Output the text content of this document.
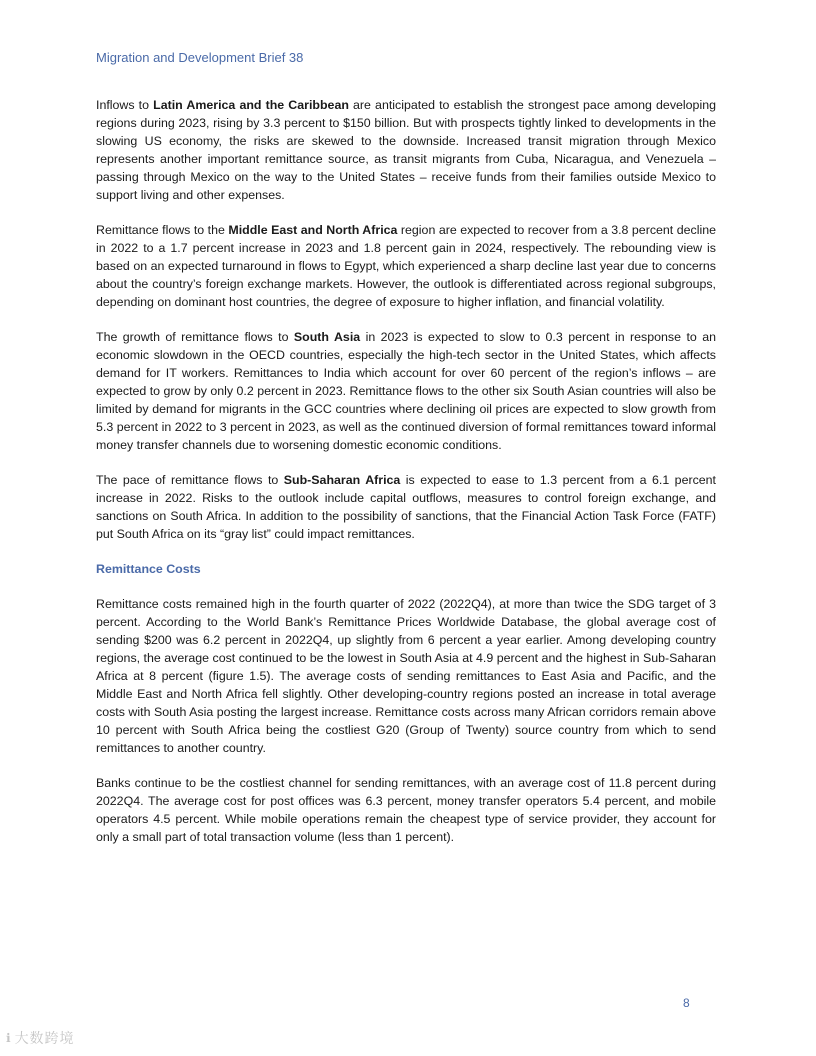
Migration and Development Brief 38

Inflows to Latin America and the Caribbean are anticipated to establish the strongest pace among developing regions during 2023, rising by 3.3 percent to $150 billion. But with prospects tightly linked to developments in the slowing US economy, the risks are skewed to the downside. Increased transit migration through Mexico represents another important remittance source, as transit migrants from Cuba, Nicaragua, and Venezuela – passing through Mexico on the way to the United States – receive funds from their families outside Mexico to support living and other expenses.

Remittance flows to the Middle East and North Africa region are expected to recover from a 3.8 percent decline in 2022 to a 1.7 percent increase in 2023 and 1.8 percent gain in 2024, respectively. The rebounding view is based on an expected turnaround in flows to Egypt, which experienced a sharp decline last year due to concerns about the country’s foreign exchange markets. However, the outlook is differentiated across regional subgroups, depending on dominant host countries, the degree of exposure to higher inflation, and financial volatility.

The growth of remittance flows to South Asia in 2023 is expected to slow to 0.3 percent in response to an economic slowdown in the OECD countries, especially the high-tech sector in the United States, which affects demand for IT workers. Remittances to India which account for over 60 percent of the region’s inflows – are expected to grow by only 0.2 percent in 2023. Remittance flows to the other six South Asian countries will also be limited by demand for migrants in the GCC countries where declining oil prices are expected to slow growth from 5.3 percent in 2022 to 3 percent in 2023, as well as the continued diversion of formal remittances toward informal money transfer channels due to worsening domestic economic conditions.

The pace of remittance flows to Sub-Saharan Africa is expected to ease to 1.3 percent from a 6.1 percent increase in 2022. Risks to the outlook include capital outflows, measures to control foreign exchange, and sanctions on South Africa. In addition to the possibility of sanctions, that the Financial Action Task Force (FATF) put South Africa on its “gray list” could impact remittances.

Remittance Costs

Remittance costs remained high in the fourth quarter of 2022 (2022Q4), at more than twice the SDG target of 3 percent. According to the World Bank’s Remittance Prices Worldwide Database, the global average cost of sending $200 was 6.2 percent in 2022Q4, up slightly from 6 percent a year earlier. Among developing country regions, the average cost continued to be the lowest in South Asia at 4.9 percent and the highest in Sub-Saharan Africa at 8 percent (figure 1.5). The average costs of sending remittances to East Asia and Pacific, and the Middle East and North Africa fell slightly. Other developing-country regions posted an increase in total average costs with South Asia posting the largest increase. Remittance costs across many African corridors remain above 10 percent with South Africa being the costliest G20 (Group of Twenty) source country from which to send remittances to another country.

Banks continue to be the costliest channel for sending remittances, with an average cost of 11.8 percent during 2022Q4. The average cost for post offices was 6.3 percent, money transfer operators 5.4 percent, and mobile operators 4.5 percent. While mobile operations remain the cheapest type of service provider, they account for only a small part of total transaction volume (less than 1 percent).

8
ℹ 大数跨境
